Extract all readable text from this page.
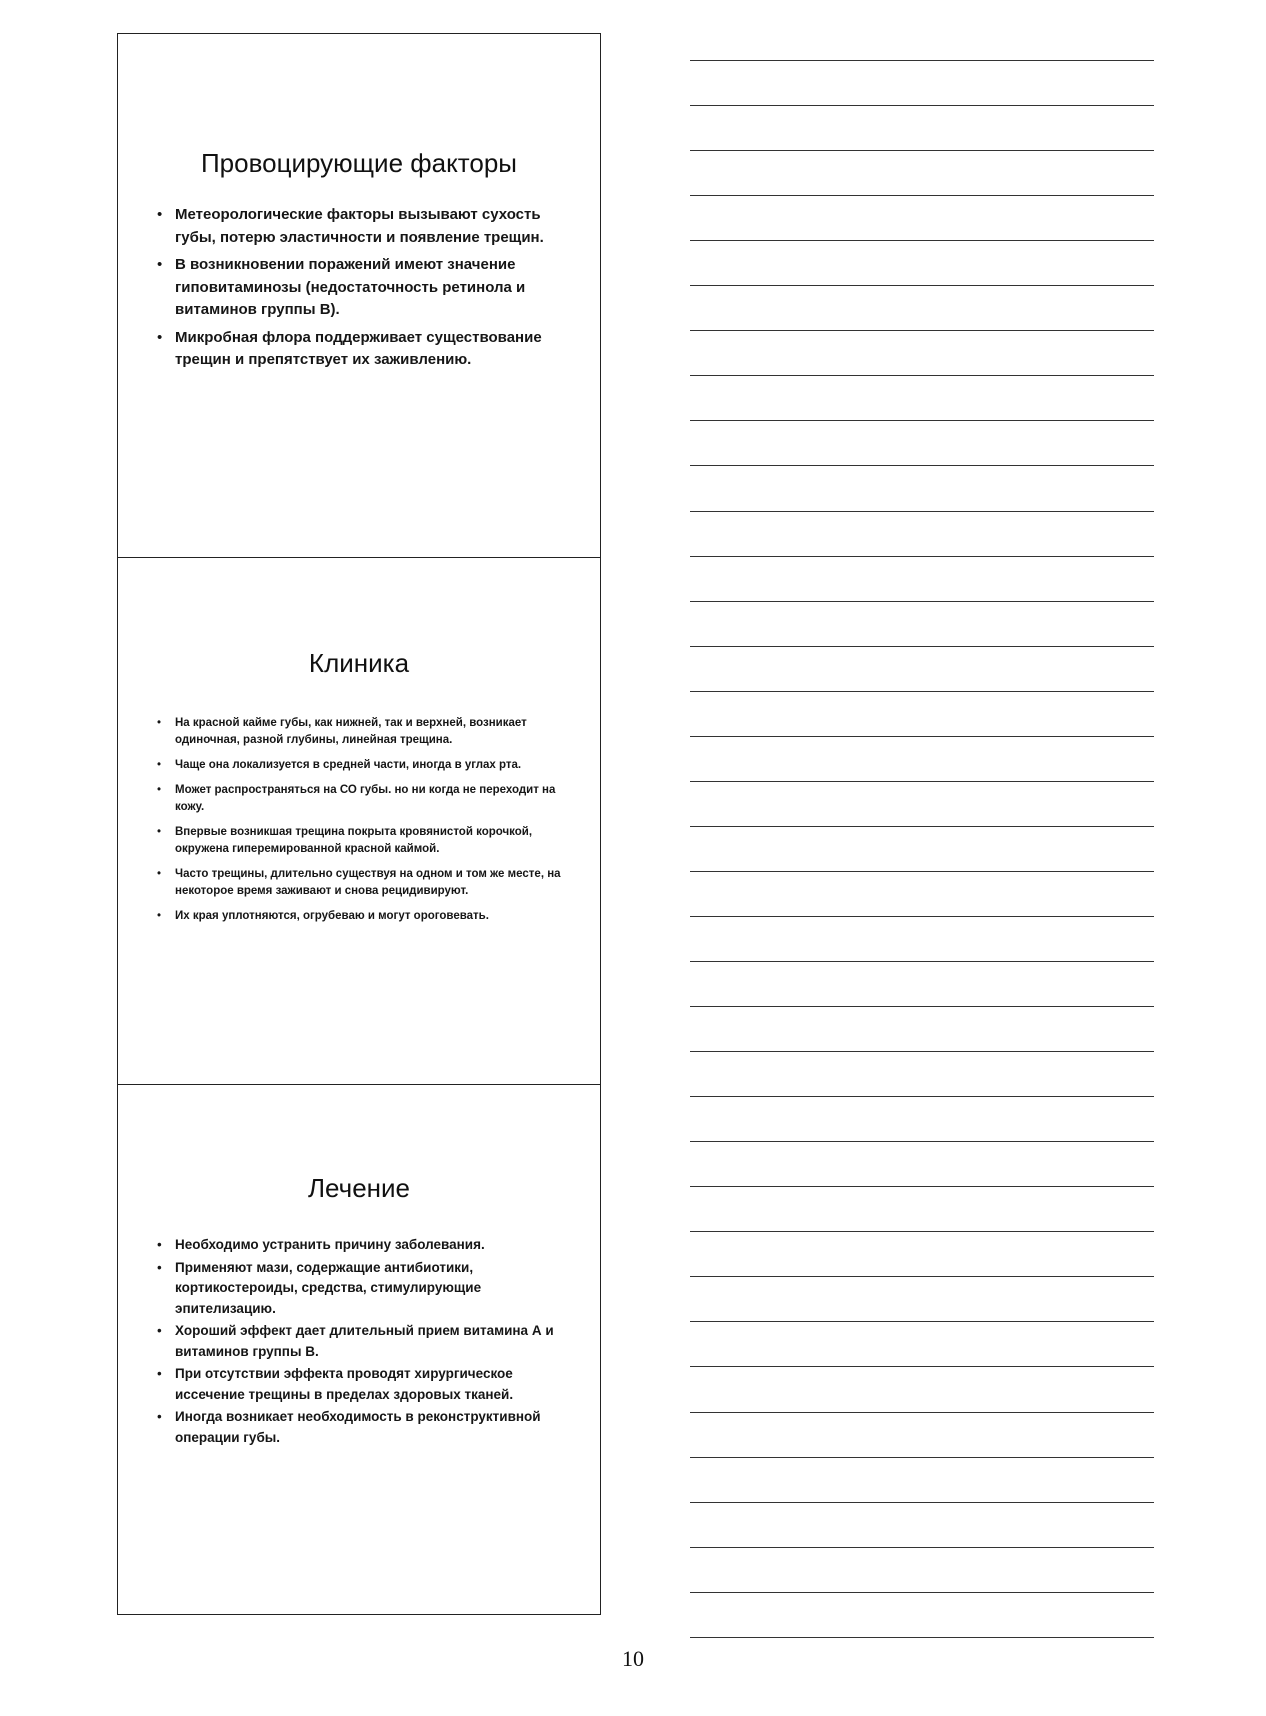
Провоцирующие факторы
• Метеорологические факторы вызывают сухость губы, потерю эластичности и появление трещин.
• В возникновении поражений имеют значение гиповитаминозы (недостаточность ретинола и витаминов группы В).
• Микробная флора поддерживает существование трещин и препятствует их заживлению.
Клиника
• На красной кайме губы, как нижней, так и верхней, возникает одиночная, разной глубины, линейная трещина.
• Чаще она локализуется в средней части, иногда в углах рта.
• Может распространяться на СО губы. но ни когда не переходит на кожу.
• Впервые возникшая трещина покрыта кровянистой корочкой, окружена гиперемированной красной каймой.
• Часто трещины, длительно существуя на одном и том же месте, на некоторое время заживают и снова рецидивируют.
• Их края уплотняются, огрубеваю и могут ороговевать.
Лечение
• Необходимо устранить причину заболевания.
• Применяют мази, содержащие антибиотики, кортикостероиды, средства, стимулирующие эпителизацию.
• Хороший эффект дает длительный прием витамина А и витаминов группы В.
• При отсутствии эффекта проводят хирургическое иссечение трещины в пределах здоровых тканей.
• Иногда возникает необходимость в реконструктивной операции губы.
10
